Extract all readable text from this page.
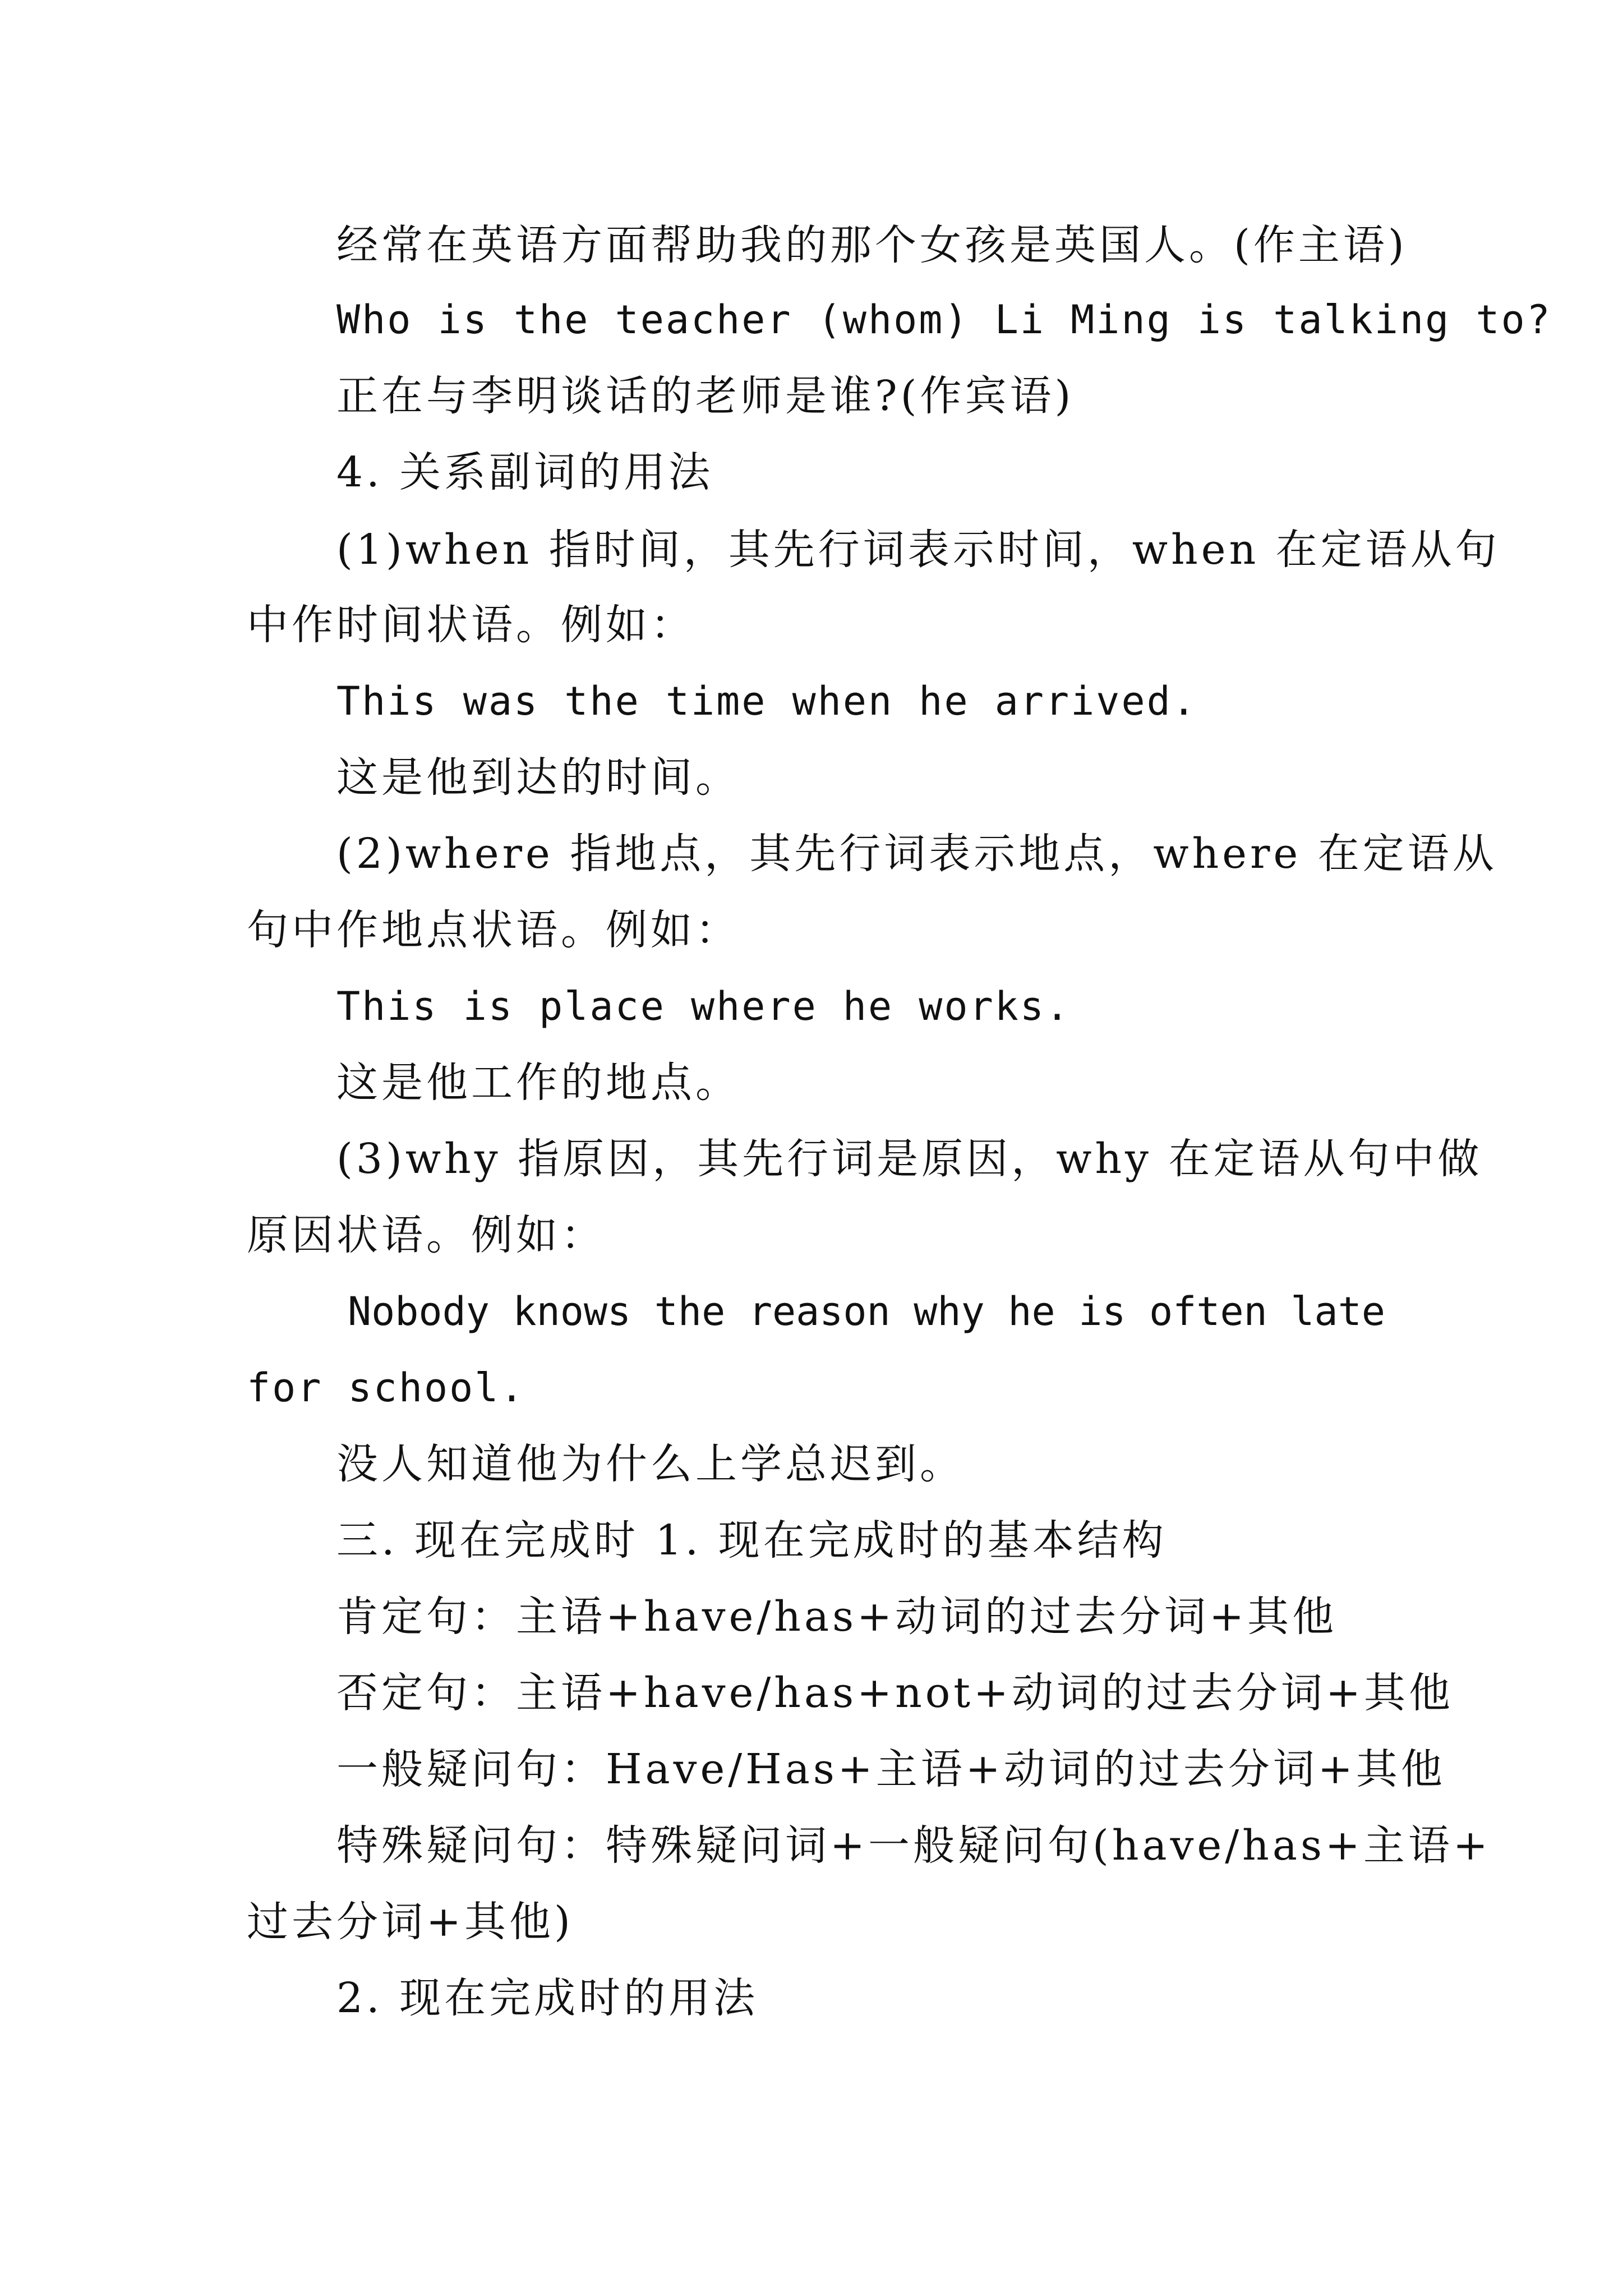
经常在英语方面帮助我的那个女孩是英国人。(作主语)
Who is the teacher (whom) Li Ming is talking to?
正在与李明谈话的老师是谁?(作宾语)
4. 关系副词的用法
(1)when 指时间，其先行词表示时间，when 在定语从句
中作时间状语。例如：
This was the time when he arrived.
这是他到达的时间。
(2)where 指地点，其先行词表示地点，where 在定语从
句中作地点状语。例如：
This is place where he works.
这是他工作的地点。
(3)why 指原因，其先行词是原因，why 在定语从句中做
原因状语。例如：
Nobody knows the reason why he is often late
for school.
没人知道他为什么上学总迟到。
三. 现在完成时 1. 现在完成时的基本结构
肯定句：主语+have/has+动词的过去分词+其他
否定句：主语+have/has+not+动词的过去分词+其他
一般疑问句：Have/Has+主语+动词的过去分词+其他
特殊疑问句：特殊疑问词+一般疑问句(have/has+主语+
过去分词+其他)
2. 现在完成时的用法
